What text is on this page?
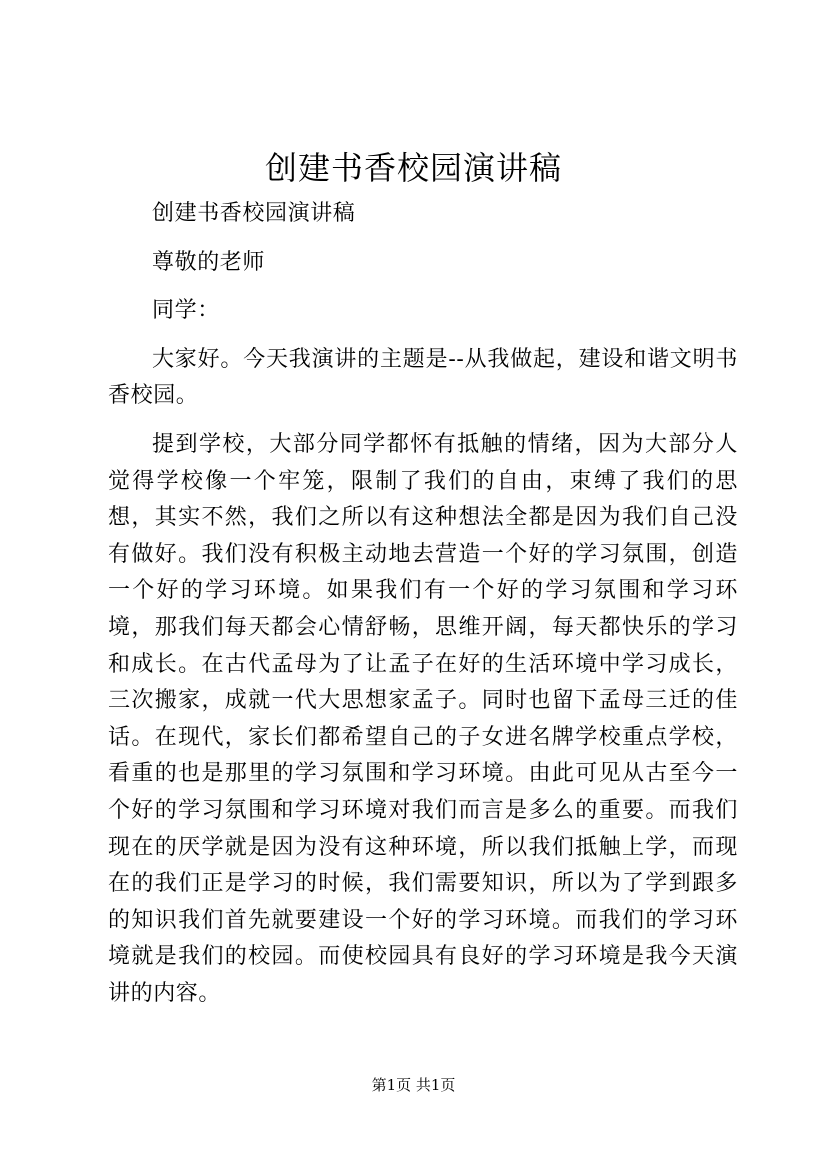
创建书香校园演讲稿

创建书香校园演讲稿

尊敬的老师

同学：

大家好。今天我演讲的主题是--从我做起，建设和谐文明书香校园。

提到学校，大部分同学都怀有抵触的情绪，因为大部分人觉得学校像一个牢笼，限制了我们的自由，束缚了我们的思想，其实不然，我们之所以有这种想法全都是因为我们自己没有做好。我们没有积极主动地去营造一个好的学习氛围，创造一个好的学习环境。如果我们有一个好的学习氛围和学习环境，那我们每天都会心情舒畅，思维开阔，每天都快乐的学习和成长。在古代孟母为了让孟子在好的生活环境中学习成长，三次搬家，成就一代大思想家孟子。同时也留下孟母三迁的佳话。在现代，家长们都希望自己的子女进名牌学校重点学校，看重的也是那里的学习氛围和学习环境。由此可见从古至今一个好的学习氛围和学习环境对我们而言是多么的重要。而我们现在的厌学就是因为没有这种环境，所以我们抵触上学，而现在的我们正是学习的时候，我们需要知识，所以为了学到跟多的知识我们首先就要建设一个好的学习环境。而我们的学习环境就是我们的校园。而使校园具有良好的学习环境是我今天演讲的内容。

第1页 共1页
